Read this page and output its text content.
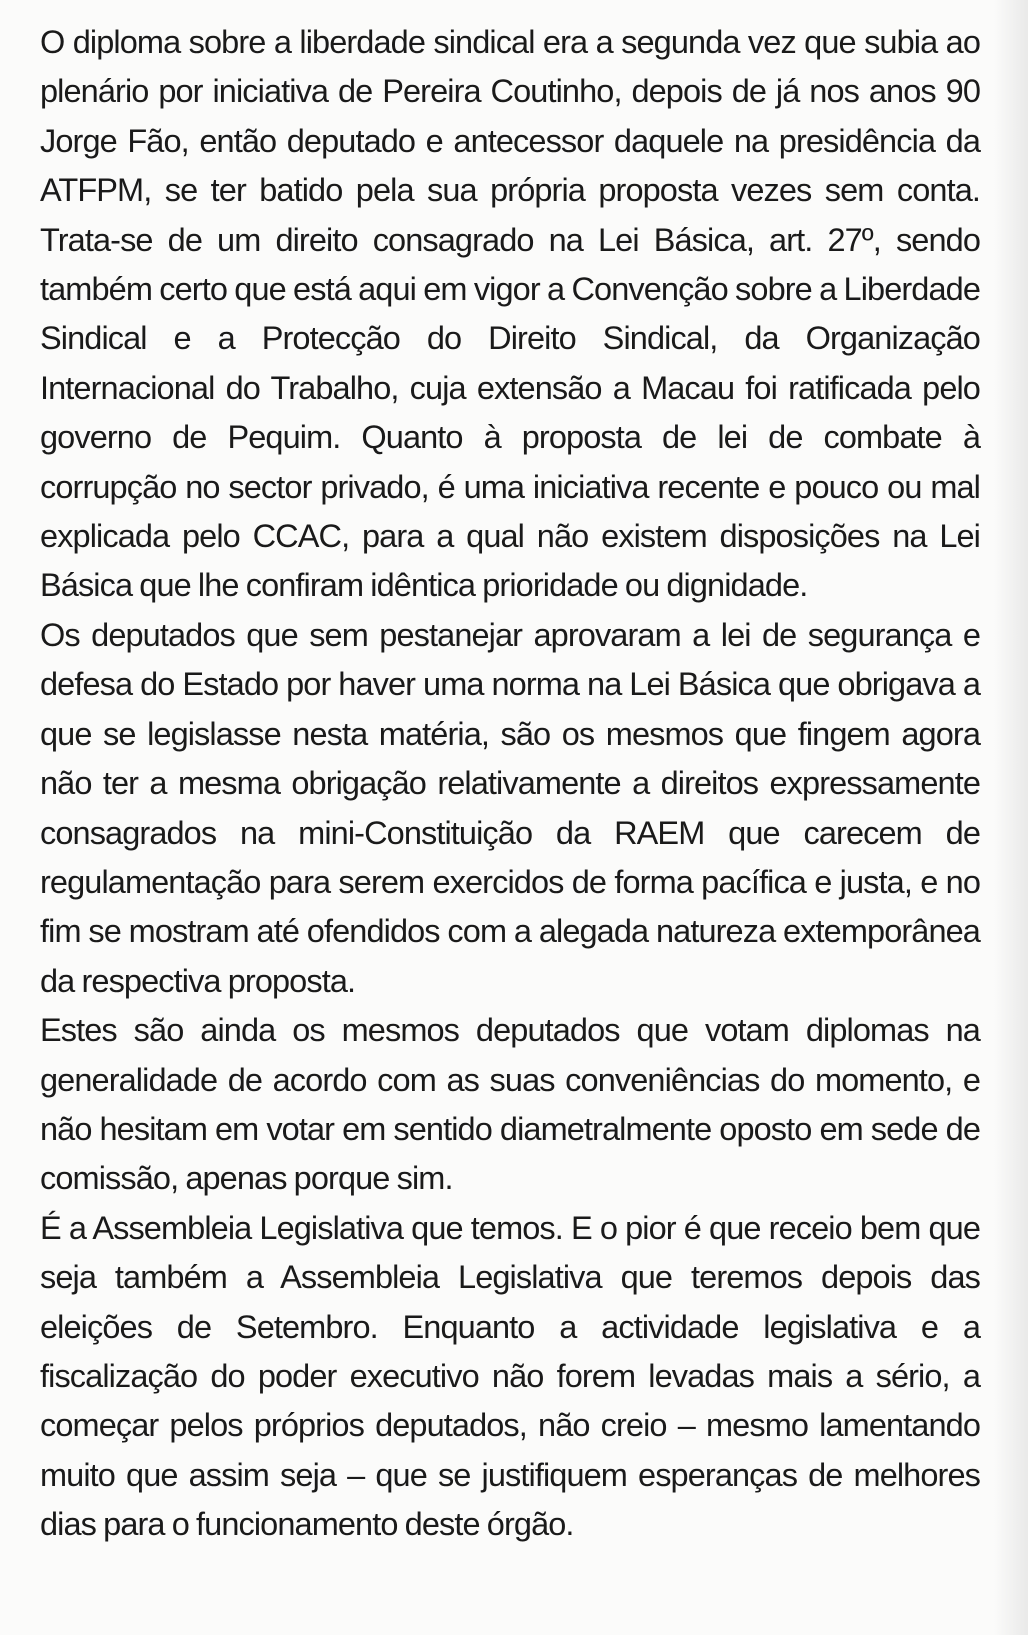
O diploma sobre a liberdade sindical era a segunda vez que subia ao plenário por iniciativa de Pereira Coutinho, depois de já nos anos 90 Jorge Fão, então deputado e antecessor daquele na presidência da ATFPM, se ter batido pela sua própria proposta vezes sem conta. Trata-se de um direito consagrado na Lei Básica, art. 27º, sendo também certo que está aqui em vigor a Convenção sobre a Liberdade Sindical e a Protecção do Direito Sindical, da Organização Internacional do Trabalho, cuja extensão a Macau foi ratificada pelo governo de Pequim. Quanto à proposta de lei de combate à corrupção no sector privado, é uma iniciativa recente e pouco ou mal explicada pelo CCAC, para a qual não existem disposições na Lei Básica que lhe confiram idêntica prioridade ou dignidade.

Os deputados que sem pestanejar aprovaram a lei de segurança e defesa do Estado por haver uma norma na Lei Básica que obrigava a que se legislasse nesta matéria, são os mesmos que fingem agora não ter a mesma obrigação relativamente a direitos expressamente consagrados na mini-Constituição da RAEM que carecem de regulamentação para serem exercidos de forma pacífica e justa, e no fim se mostram até ofendidos com a alegada natureza extemporânea da respectiva proposta.

Estes são ainda os mesmos deputados que votam diplomas na generalidade de acordo com as suas conveniências do momento, e não hesitam em votar em sentido diametralmente oposto em sede de comissão, apenas porque sim.

É a Assembleia Legislativa que temos. E o pior é que receio bem que seja também a Assembleia Legislativa que teremos depois das eleições de Setembro. Enquanto a actividade legislativa e a fiscalização do poder executivo não forem levadas mais a sério, a começar pelos próprios deputados, não creio – mesmo lamentando muito que assim seja – que se justifiquem esperanças de melhores dias para o funcionamento deste órgão.
